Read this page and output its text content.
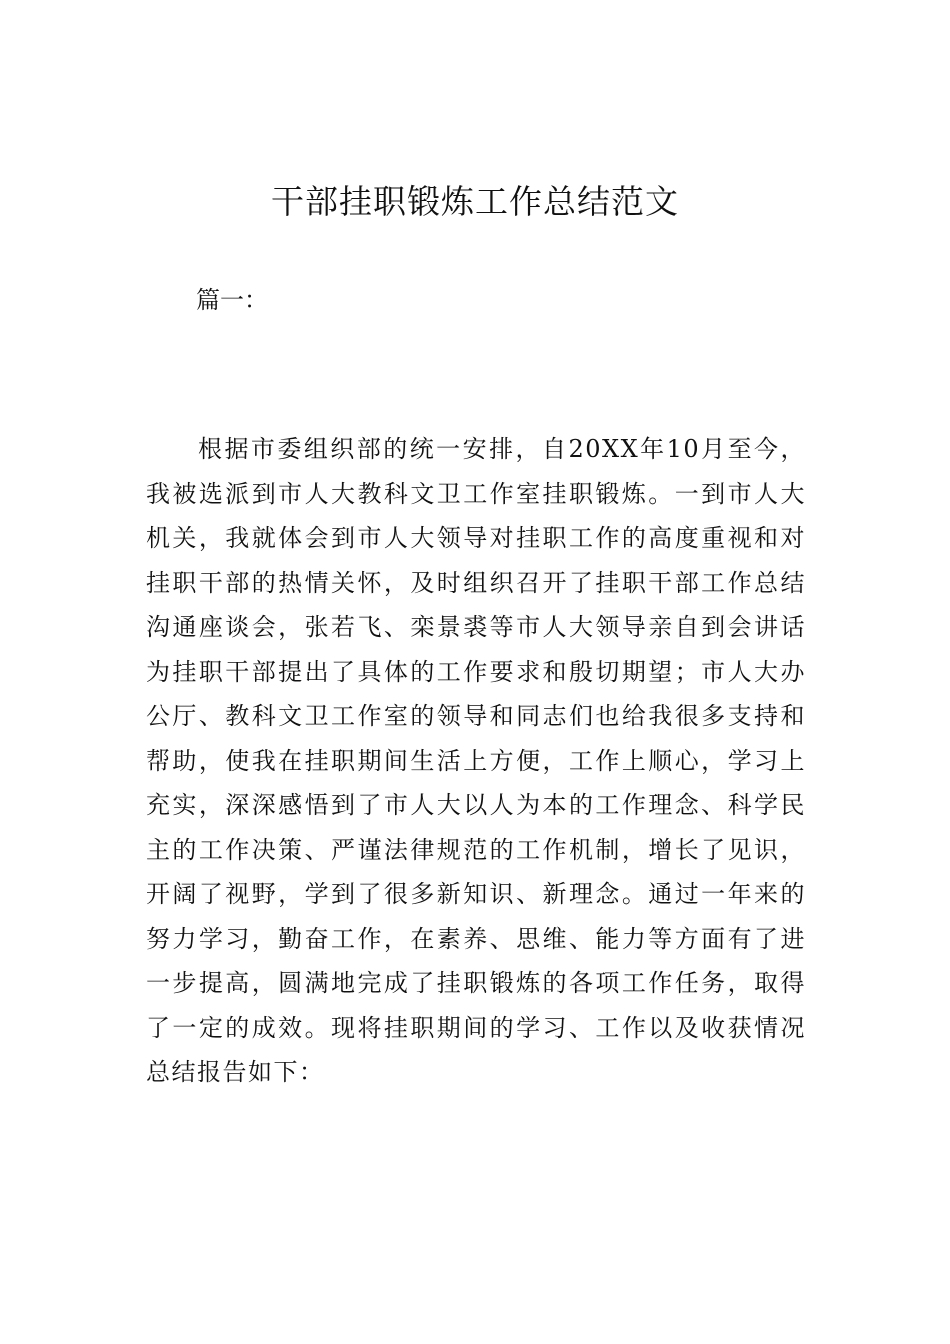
干部挂职锻炼工作总结范文

篇一：

根据市委组织部的统一安排，自20XX年10月至今，我被选派到市人大教科文卫工作室挂职锻炼。一到市人大机关，我就体会到市人大领导对挂职工作的高度重视和对挂职干部的热情关怀，及时组织召开了挂职干部工作总结沟通座谈会，张若飞、栾景裘等市人大领导亲自到会讲话为挂职干部提出了具体的工作要求和殷切期望；市人大办公厅、教科文卫工作室的领导和同志们也给我很多支持和帮助，使我在挂职期间生活上方便，工作上顺心，学习上充实，深深感悟到了市人大以人为本的工作理念、科学民主的工作决策、严谨法律规范的工作机制，增长了见识，开阔了视野，学到了很多新知识、新理念。通过一年来的努力学习，勤奋工作，在素养、思维、能力等方面有了进一步提高，圆满地完成了挂职锻炼的各项工作任务，取得了一定的成效。现将挂职期间的学习、工作以及收获情况总结报告如下：
